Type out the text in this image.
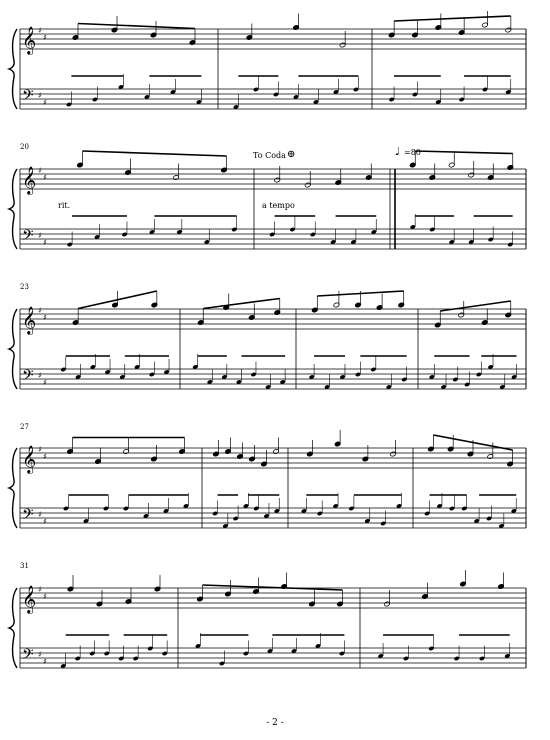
𝄞
𝄢
♯
♯
♯
♯
𝄞
𝄢
♯
♯
♯
♯
𝄞
𝄢
♯
♯
♯
♯
𝄞
𝄢
♯
♯
♯
♯
𝄞
𝄢
♯
♯
♯
♯
20
23
27
31
rit.	a tempo
To Coda ⊕	♩ =80
- 2 -
